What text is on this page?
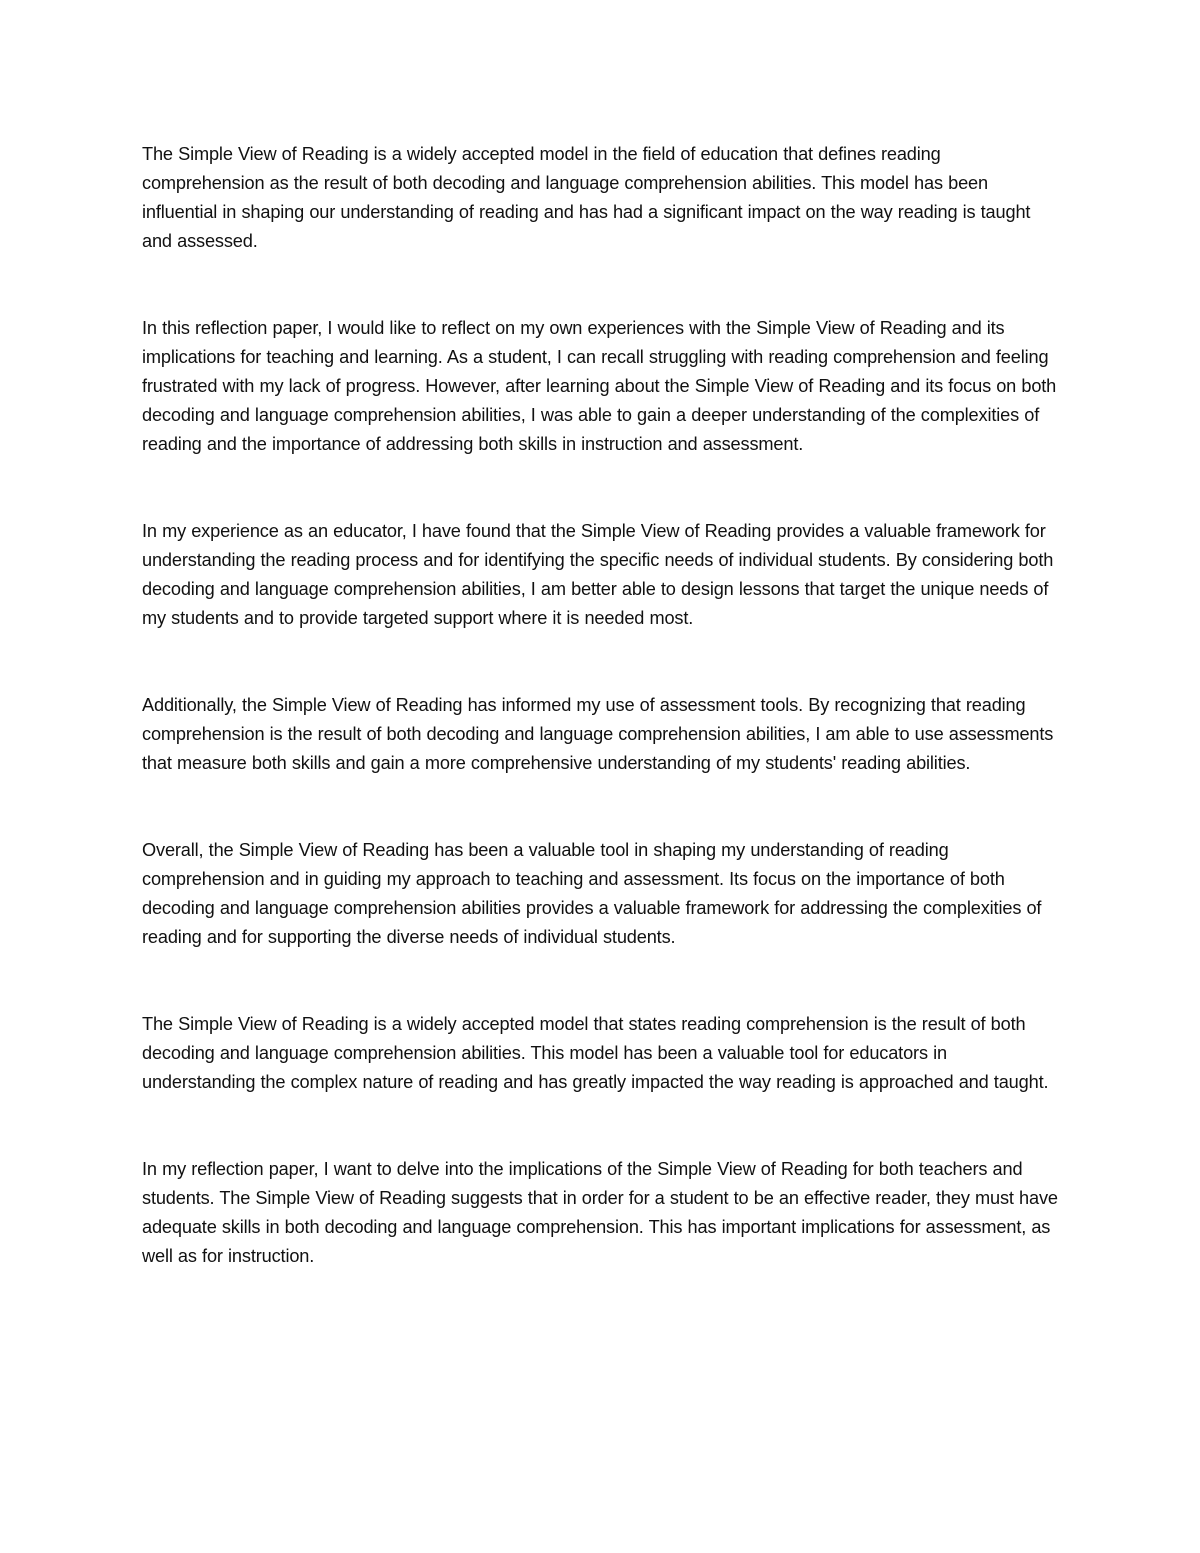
The Simple View of Reading is a widely accepted model in the field of education that defines reading comprehension as the result of both decoding and language comprehension abilities. This model has been influential in shaping our understanding of reading and has had a significant impact on the way reading is taught and assessed.

In this reflection paper, I would like to reflect on my own experiences with the Simple View of Reading and its implications for teaching and learning. As a student, I can recall struggling with reading comprehension and feeling frustrated with my lack of progress. However, after learning about the Simple View of Reading and its focus on both decoding and language comprehension abilities, I was able to gain a deeper understanding of the complexities of reading and the importance of addressing both skills in instruction and assessment.

In my experience as an educator, I have found that the Simple View of Reading provides a valuable framework for understanding the reading process and for identifying the specific needs of individual students. By considering both decoding and language comprehension abilities, I am better able to design lessons that target the unique needs of my students and to provide targeted support where it is needed most.

Additionally, the Simple View of Reading has informed my use of assessment tools. By recognizing that reading comprehension is the result of both decoding and language comprehension abilities, I am able to use assessments that measure both skills and gain a more comprehensive understanding of my students' reading abilities.

Overall, the Simple View of Reading has been a valuable tool in shaping my understanding of reading comprehension and in guiding my approach to teaching and assessment. Its focus on the importance of both decoding and language comprehension abilities provides a valuable framework for addressing the complexities of reading and for supporting the diverse needs of individual students.

The Simple View of Reading is a widely accepted model that states reading comprehension is the result of both decoding and language comprehension abilities. This model has been a valuable tool for educators in understanding the complex nature of reading and has greatly impacted the way reading is approached and taught.

In my reflection paper, I want to delve into the implications of the Simple View of Reading for both teachers and students. The Simple View of Reading suggests that in order for a student to be an effective reader, they must have adequate skills in both decoding and language comprehension. This has important implications for assessment, as well as for instruction.
